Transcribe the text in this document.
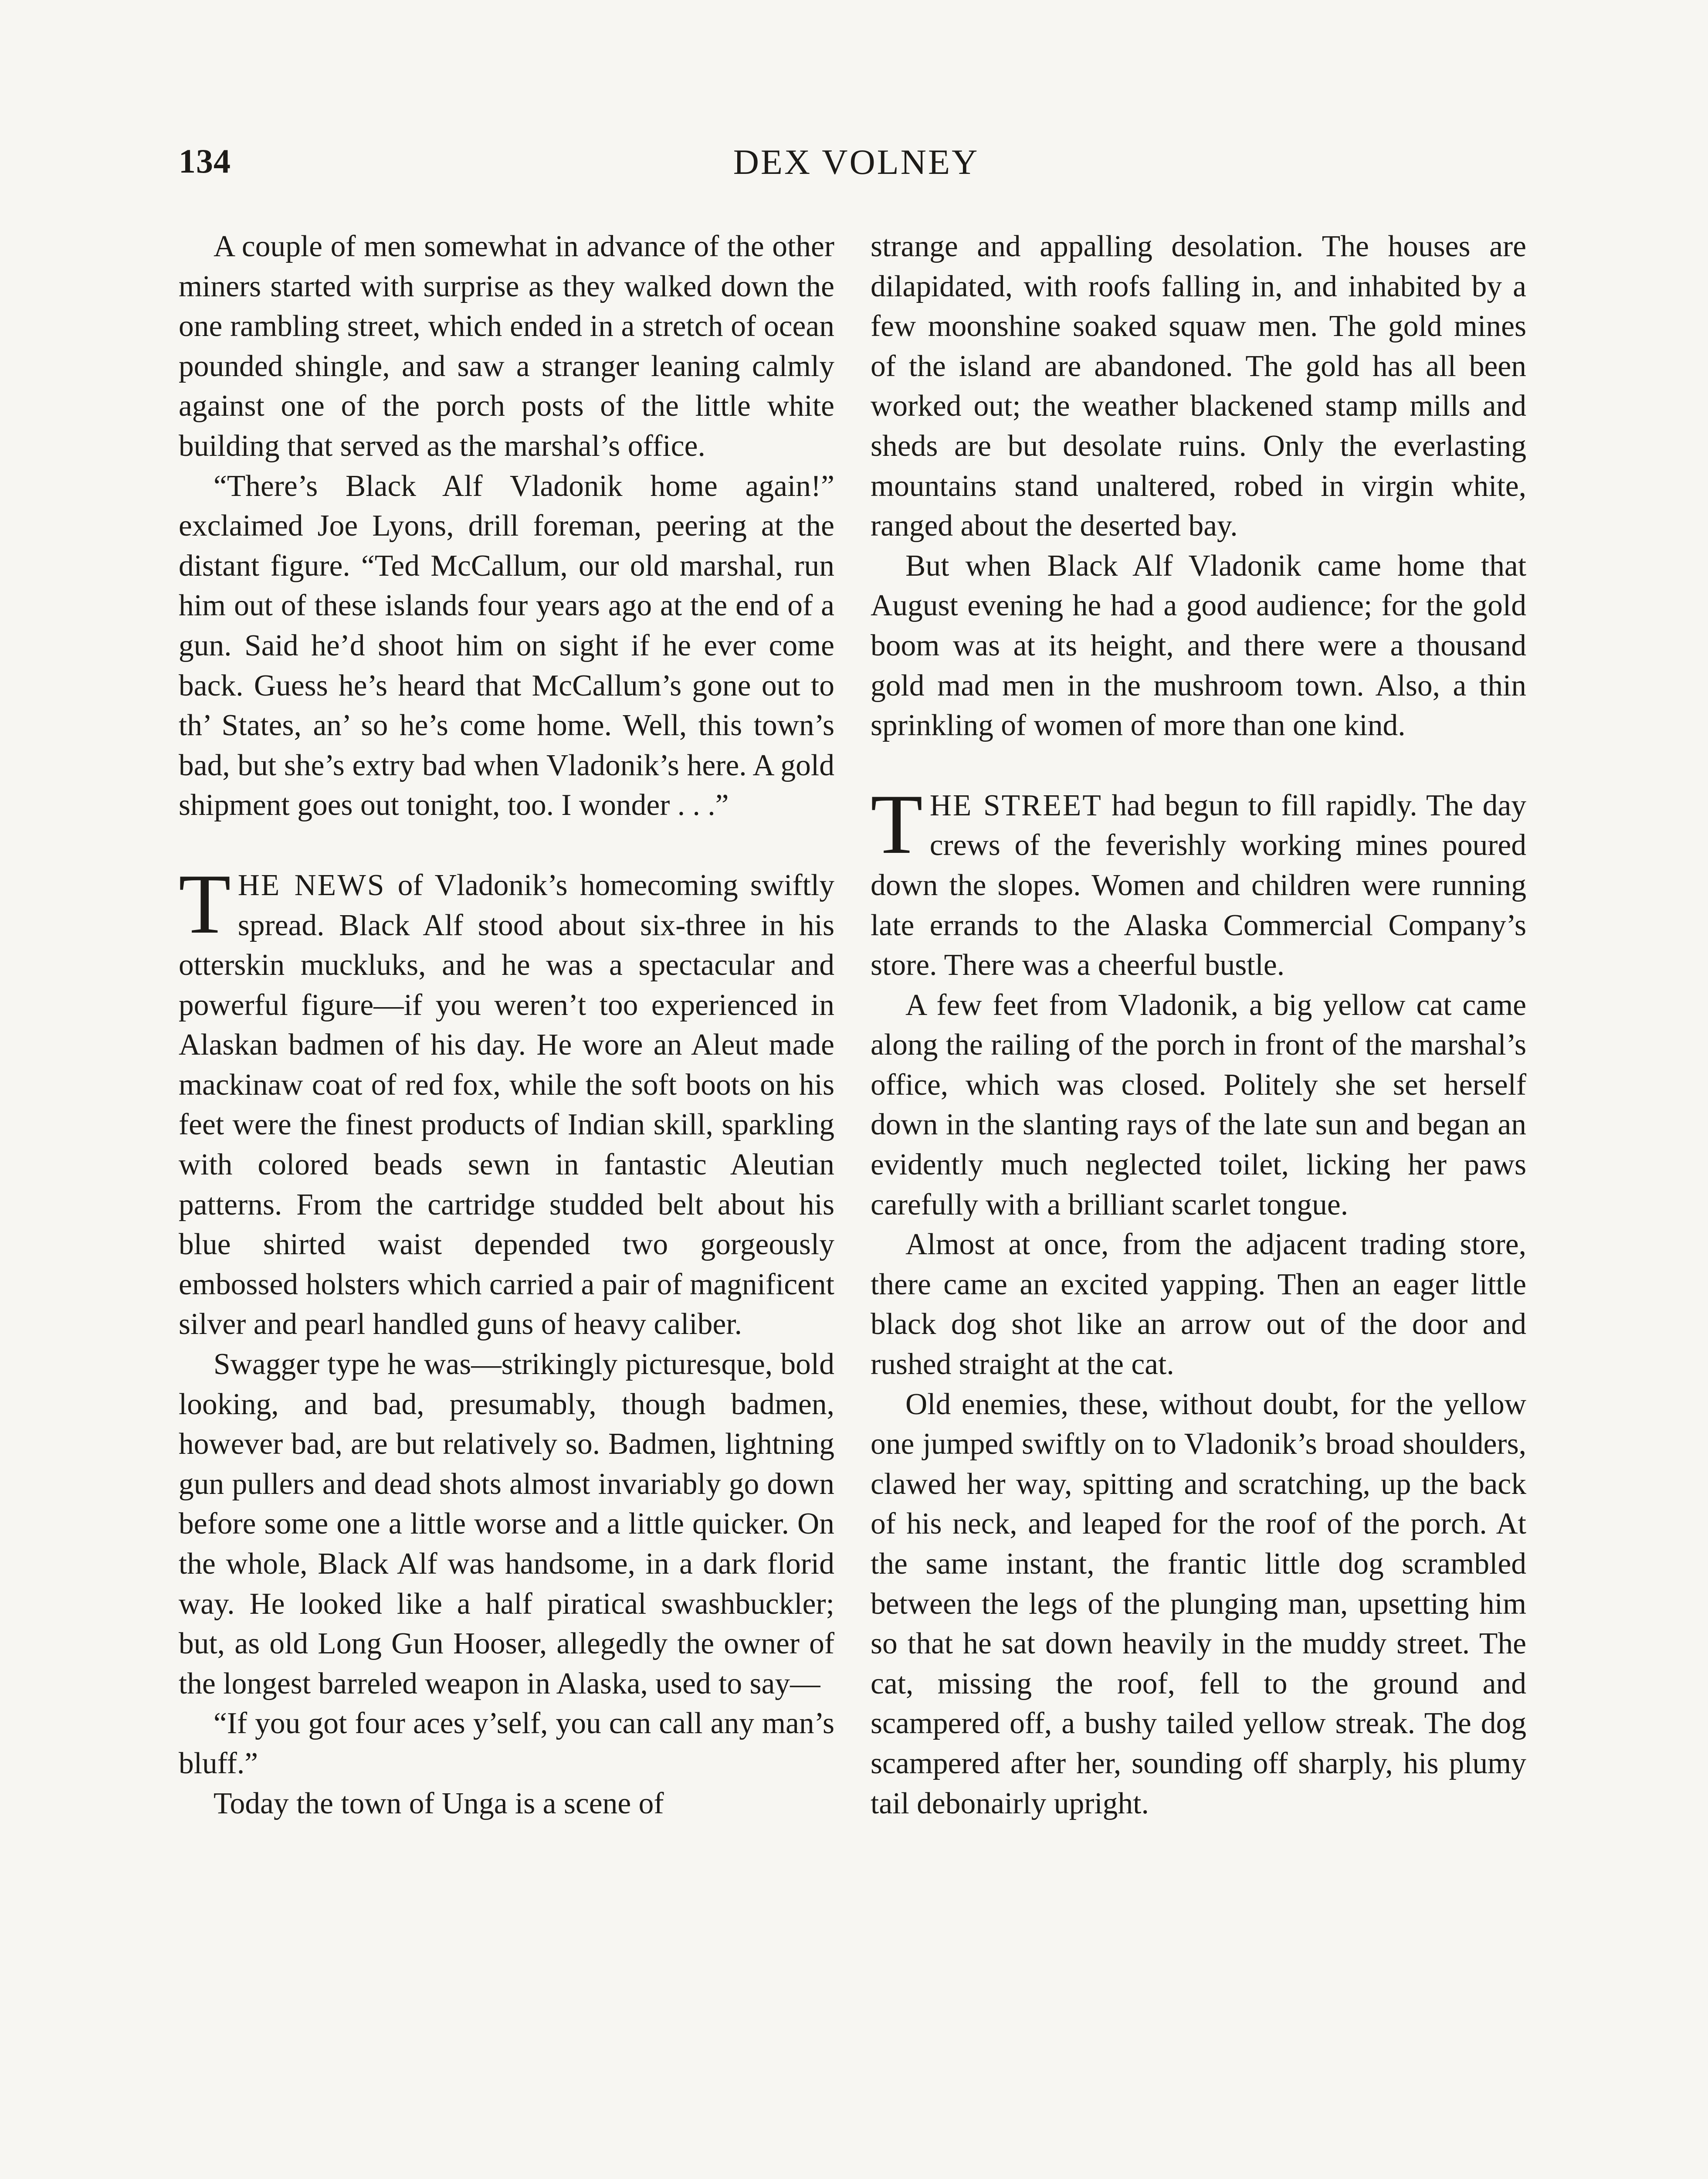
134	DEX VOLNEY

A couple of men somewhat in advance of the other miners started with surprise as they walked down the one rambling street, which ended in a stretch of ocean pounded shingle, and saw a stranger leaning calmly against one of the porch posts of the little white building that served as the marshal’s office.

“There’s Black Alf Vladonik home again!” exclaimed Joe Lyons, drill foreman, peering at the distant figure. “Ted McCallum, our old marshal, run him out of these islands four years ago at the end of a gun. Said he’d shoot him on sight if he ever come back. Guess he’s heard that McCallum’s gone out to th’ States, an’ so he’s come home. Well, this town’s bad, but she’s extry bad when Vladonik’s here. A gold shipment goes out tonight, too. I wonder . . .”

THE NEWS of Vladonik’s homecoming swiftly spread. Black Alf stood about six-three in his otterskin muckluks, and he was a spectacular and powerful figure—if you weren’t too experienced in Alaskan badmen of his day. He wore an Aleut made mackinaw coat of red fox, while the soft boots on his feet were the finest products of Indian skill, sparkling with colored beads sewn in fantastic Aleutian patterns. From the cartridge studded belt about his blue shirted waist depended two gorgeously embossed holsters which carried a pair of magnificent silver and pearl handled guns of heavy caliber.

Swagger type he was—strikingly picturesque, bold looking, and bad, presumably, though badmen, however bad, are but relatively so. Badmen, lightning gun pullers and dead shots almost invariably go down before some one a little worse and a little quicker. On the whole, Black Alf was handsome, in a dark florid way. He looked like a half piratical swashbuckler; but, as old Long Gun Hooser, allegedly the owner of the longest barreled weapon in Alaska, used to say—

“If you got four aces y’self, you can call any man’s bluff.”

Today the town of Unga is a scene of

strange and appalling desolation. The houses are dilapidated, with roofs falling in, and inhabited by a few moonshine soaked squaw men. The gold mines of the island are abandoned. The gold has all been worked out; the weather blackened stamp mills and sheds are but desolate ruins. Only the everlasting mountains stand unaltered, robed in virgin white, ranged about the deserted bay.

But when Black Alf Vladonik came home that August evening he had a good audience; for the gold boom was at its height, and there were a thousand gold mad men in the mushroom town. Also, a thin sprinkling of women of more than one kind.

THE STREET had begun to fill rapidly. The day crews of the feverishly working mines poured down the slopes. Women and children were running late errands to the Alaska Commercial Company’s store. There was a cheerful bustle.

A few feet from Vladonik, a big yellow cat came along the railing of the porch in front of the marshal’s office, which was closed. Politely she set herself down in the slanting rays of the late sun and began an evidently much neglected toilet, licking her paws carefully with a brilliant scarlet tongue.

Almost at once, from the adjacent trading store, there came an excited yapping. Then an eager little black dog shot like an arrow out of the door and rushed straight at the cat.

Old enemies, these, without doubt, for the yellow one jumped swiftly on to Vladonik’s broad shoulders, clawed her way, spitting and scratching, up the back of his neck, and leaped for the roof of the porch. At the same instant, the frantic little dog scrambled between the legs of the plunging man, upsetting him so that he sat down heavily in the muddy street. The cat, missing the roof, fell to the ground and scampered off, a bushy tailed yellow streak. The dog scampered after her, sounding off sharply, his plumy tail debonairly upright.
